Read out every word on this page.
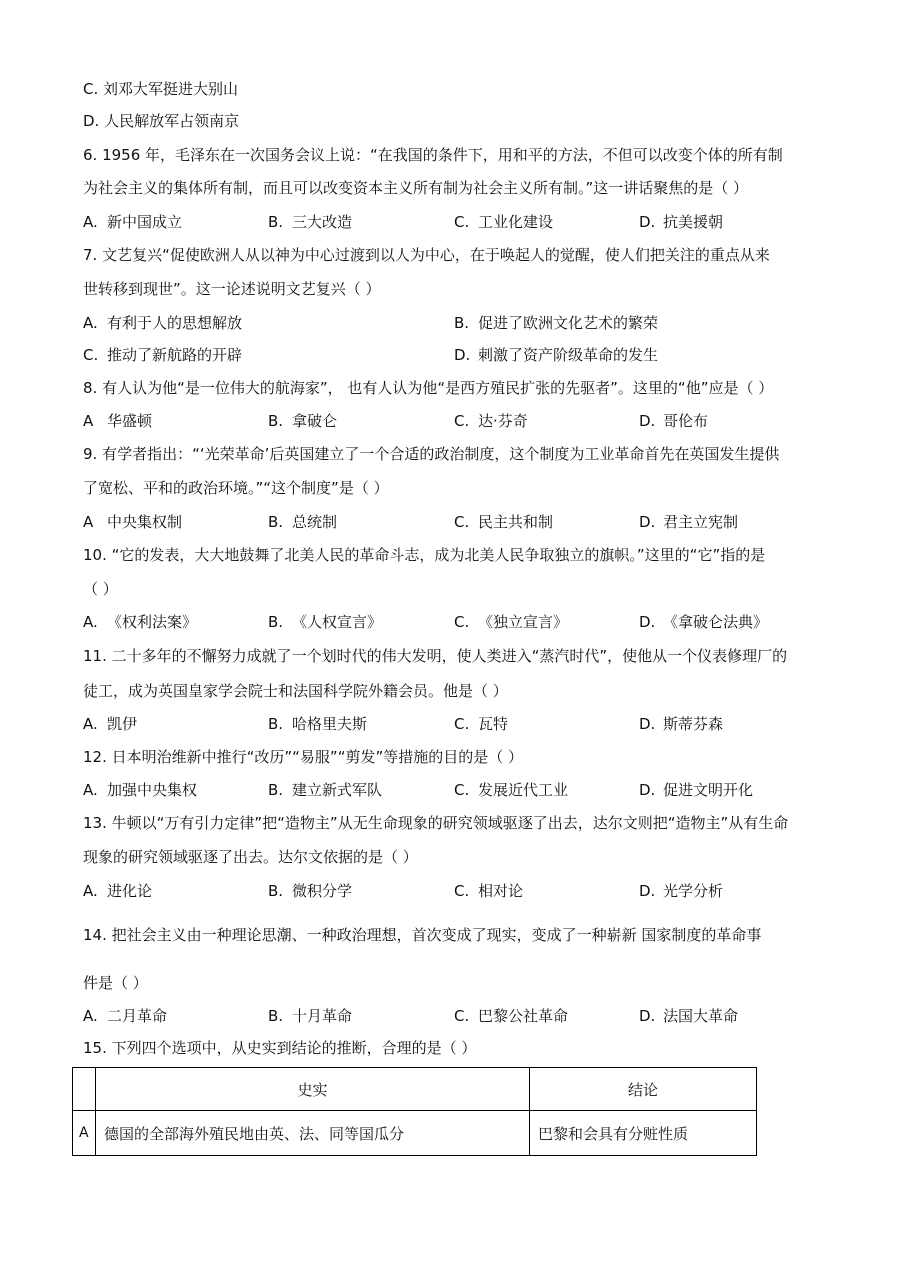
C. 刘邓大军挺进大别山
D. 人民解放军占领南京
6. 1956 年，毛泽东在一次国务会议上说：“在我国的条件下，用和平的方法，不但可以改变个体的所有制
为社会主义的集体所有制，而且可以改变资本主义所有制为社会主义所有制。”这一讲话聚焦的是（ ）
A. 新中国成立	B. 三大改造	C. 工业化建设	D. 抗美援朝
7. 文艺复兴“促使欧洲人从以神为中心过渡到以人为中心，在于唤起人的觉醒，使人们把关注的重点从来
世转移到现世”。这一论述说明文艺复兴（ ）
A. 有利于人的思想解放	B. 促进了欧洲文化艺术的繁荣
C. 推动了新航路的开辟	D. 刺激了资产阶级革命的发生
8. 有人认为他“是一位伟大的航海家”， 也有人认为他“是西方殖民扩张的先驱者”。这里的“他”应是（ ）
A 华盛顿	B. 拿破仑	C. 达·芬奇	D. 哥伦布
9. 有学者指出：“‘光荣革命’后英国建立了一个合适的政治制度，这个制度为工业革命首先在英国发生提供
了宽松、平和的政治环境。”“这个制度”是（ ）
A 中央集权制	B. 总统制	C. 民主共和制	D. 君主立宪制
10. “它的发表，大大地鼓舞了北美人民的革命斗志，成为北美人民争取独立的旗帜。”这里的“它”指的是
（ ）
A. 《权利法案》	B. 《人权宣言》	C. 《独立宣言》	D. 《拿破仑法典》
11. 二十多年的不懈努力成就了一个划时代的伟大发明，使人类进入“蒸汽时代”，使他从一个仪表修理厂的
徒工，成为英国皇家学会院士和法国科学院外籍会员。他是（ ）
A. 凯伊	B. 哈格里夫斯	C. 瓦特	D. 斯蒂芬森
12. 日本明治维新中推行“改历”“易服”“剪发”等措施的目的是（ ）
A. 加强中央集权	B. 建立新式军队	C. 发展近代工业	D. 促进文明开化
13. 牛顿以“万有引力定律”把“造物主”从无生命现象的研究领域驱逐了出去，达尔文则把“造物主”从有生命
现象的研究领域驱逐了出去。达尔文依据的是（ ）
A. 进化论	B. 微积分学	C. 相对论	D. 光学分析
14. 把社会主义由一种理论思潮、一种政治理想，首次变成了现实，变成了一种崭新 国家制度的革命事
件是（ ）
A. 二月革命	B. 十月革命	C. 巴黎公社革命	D. 法国大革命
15. 下列四个选项中，从史实到结论的推断，合理的是（ ）
	史实	结论
A	德国的全部海外殖民地由英、法、同等国瓜分	巴黎和会具有分赃性质
